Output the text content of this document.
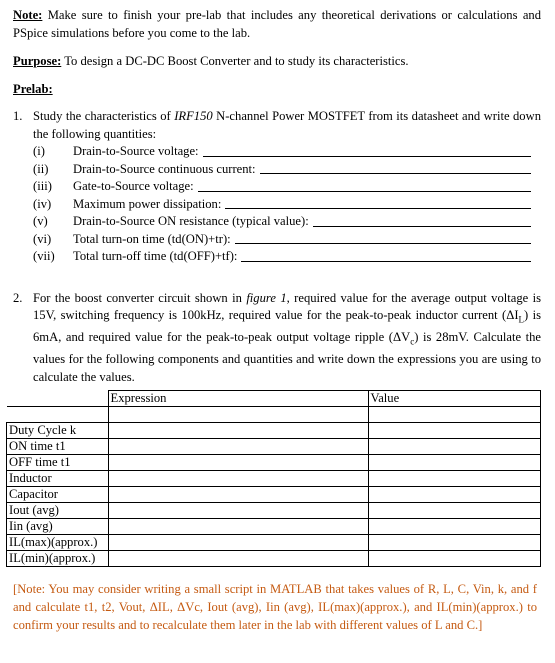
Note: Make sure to finish your pre-lab that includes any theoretical derivations or calculations and PSpice simulations before you come to the lab.
Purpose: To design a DC-DC Boost Converter and to study its characteristics.
Prelab:
1. Study the characteristics of IRF150 N-channel Power MOSTFET from its datasheet and write down the following quantities:
(i)	Drain-to-Source voltage:
(ii)	Drain-to-Source continuous current:
(iii)	Gate-to-Source voltage:
(iv)	Maximum power dissipation:
(v)	Drain-to-Source ON resistance (typical value):
(vi)	Total turn-on time (td(ON)+tr):
(vii)	Total turn-off time (td(OFF)+tf):
2. For the boost converter circuit shown in figure 1, required value for the average output voltage is 15V, switching frequency is 100kHz, required value for the peak-to-peak inductor current $(\Delta I_L)$ is 6mA, and required value for the peak-to-peak output voltage ripple $(\Delta V_c)$ is 28mV. Calculate the values for the following components and quantities and write down the expressions you are using to calculate the values.
	Expression	Value

Duty Cycle k		
ON time t1		
OFF time t1		
Inductor		
Capacitor		
Iout (avg)		
Iin (avg)		
IL(max)(approx.)		
IL(min)(approx.)		
[Note: You may consider writing a small script in MATLAB that takes values of R, L, C, Vin, k, and f and calculate t1, t2, Vout, ΔIL, ΔVc, Iout (avg), Iin (avg), IL(max)(approx.), and IL(min)(approx.) to confirm your results and to recalculate them later in the lab with different values of L and C.]
